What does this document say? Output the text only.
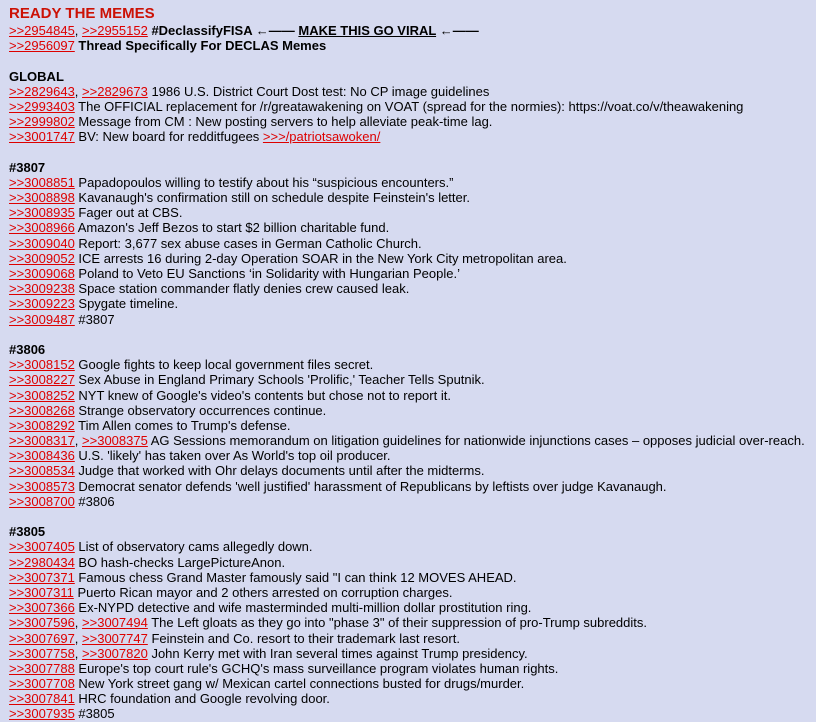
READY THE MEMES
>>2954845, >>2955152 #DeclassifyFISA ←—— MAKE THIS GO VIRAL ←——
>>2956097 Thread Specifically For DECLAS Memes
GLOBAL
>>2829643, >>2829673 1986 U.S. District Court Dost test: No CP image guidelines
>>2993403 The OFFICIAL replacement for /r/greatawakening on VOAT (spread for the normies): https://voat.co/v/theawakening
>>2999802 Message from CM : New posting servers to help alleviate peak-time lag.
>>3001747 BV: New board for redditfugees >>>/patriotsawoken/
#3807
>>3008851 Papadopoulos willing to testify about his “suspicious encounters.”
>>3008898 Kavanaugh's confirmation still on schedule despite Feinstein's letter.
>>3008935 Fager out at CBS.
>>3008966 Amazon's Jeff Bezos to start $2 billion charitable fund.
>>3009040 Report: 3,677 sex abuse cases in German Catholic Church.
>>3009052 ICE arrests 16 during 2-day Operation SOAR in the New York City metropolitan area.
>>3009068 Poland to Veto EU Sanctions ‘in Solidarity with Hungarian People.’
>>3009238 Space station commander flatly denies crew caused leak.
>>3009223 Spygate timeline.
>>3009487 #3807
#3806
>>3008152 Google fights to keep local government files secret.
>>3008227 Sex Abuse in England Primary Schools 'Prolific,' Teacher Tells Sputnik.
>>3008252 NYT knew of Google's video's contents but chose not to report it.
>>3008268 Strange observatory occurrences continue.
>>3008292 Tim Allen comes to Trump's defense.
>>3008317, >>3008375 AG Sessions memorandum on litigation guidelines for nationwide injunctions cases – opposes judicial over-reach.
>>3008436 U.S. 'likely' has taken over As World's top oil producer.
>>3008534 Judge that worked with Ohr delays documents until after the midterms.
>>3008573 Democrat senator defends 'well justified' harassment of Republicans by leftists over judge Kavanaugh.
>>3008700 #3806
#3805
>>3007405 List of observatory cams allegedly down.
>>2980434 BO hash-checks LargePictureAnon.
>>3007371 Famous chess Grand Master famously said "I can think 12 MOVES AHEAD.
>>3007311 Puerto Rican mayor and 2 others arrested on corruption charges.
>>3007366 Ex-NYPD detective and wife masterminded multi-million dollar prostitution ring.
>>3007596, >>3007494 The Left gloats as they go into "phase 3" of their suppression of pro-Trump subreddits.
>>3007697, >>3007747 Feinstein and Co. resort to their trademark last resort.
>>3007758, >>3007820 John Kerry met with Iran several times against Trump presidency.
>>3007788 Europe's top court rule's GCHQ's mass surveillance program violates human rights.
>>3007708 New York street gang w/ Mexican cartel connections busted for drugs/murder.
>>3007841 HRC foundation and Google revolving door.
>>3007935 #3805
